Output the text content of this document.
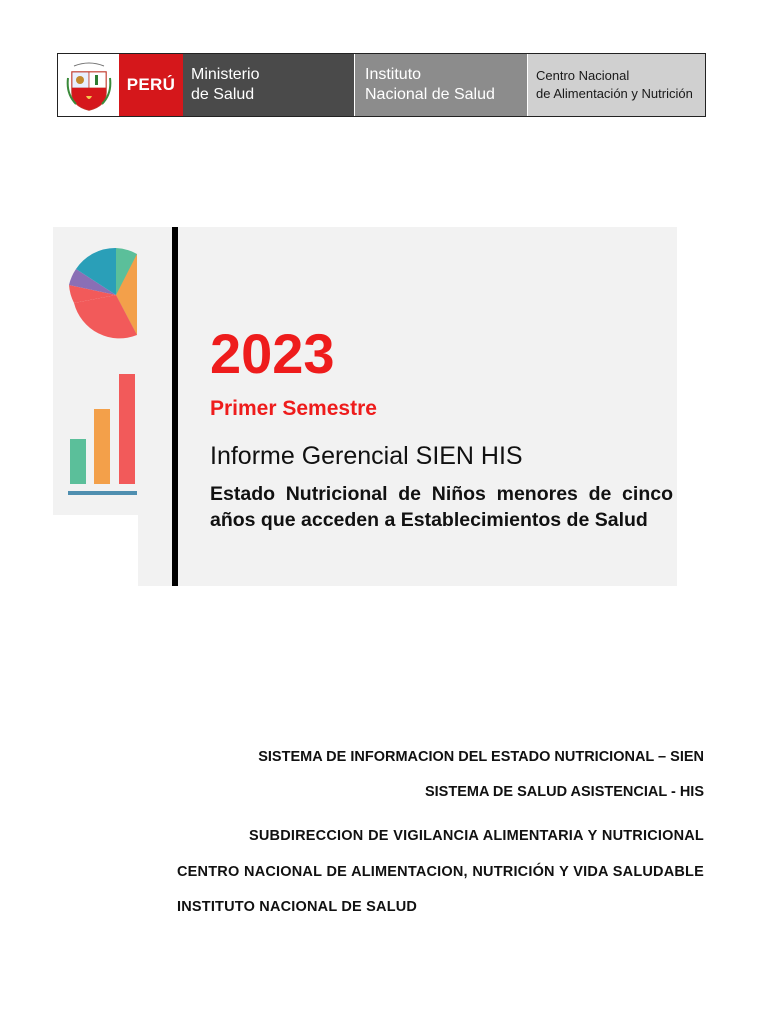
PERÚ
Ministerio
de Salud
Instituto
Nacional de Salud
Centro Nacional
de Alimentación y Nutrición
2023
Primer Semestre
Informe Gerencial SIEN HIS
Estado Nutricional de Niños menores de cinco años que acceden a Establecimientos de Salud
SISTEMA DE INFORMACION DEL ESTADO NUTRICIONAL – SIEN
SISTEMA DE SALUD ASISTENCIAL - HIS
SUBDIRECCION DE VIGILANCIA ALIMENTARIA Y NUTRICIONAL CENTRO NACIONAL DE ALIMENTACION, NUTRICIÓN Y VIDA SALUDABLE INSTITUTO NACIONAL DE SALUD
